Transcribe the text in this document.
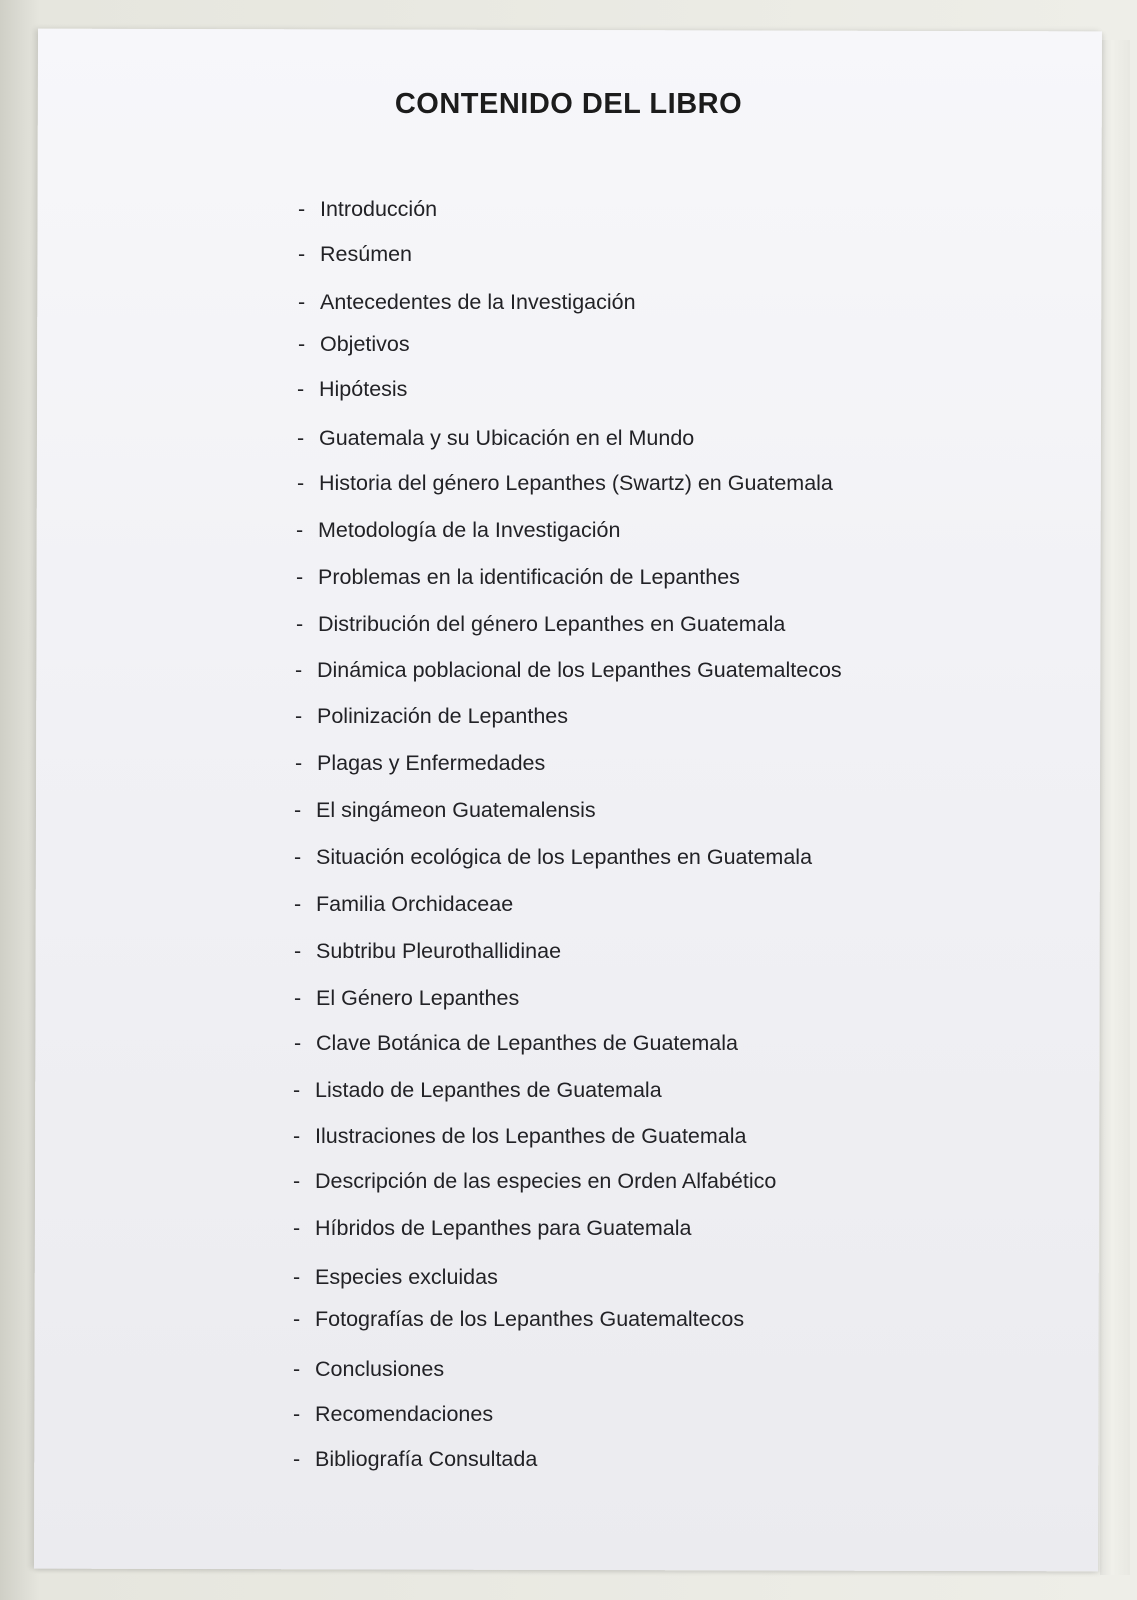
CONTENIDO DEL LIBRO
- Introducción
- Resúmen
- Antecedentes de la Investigación
- Objetivos
- Hipótesis
- Guatemala y su Ubicación en el Mundo
- Historia del género Lepanthes (Swartz) en Guatemala
- Metodología de la Investigación
- Problemas en la identificación de Lepanthes
- Distribución del género Lepanthes en Guatemala
- Dinámica poblacional de los Lepanthes Guatemaltecos
- Polinización de Lepanthes
- Plagas y Enfermedades
- El singámeon Guatemalensis
- Situación ecológica de los Lepanthes en Guatemala
- Familia Orchidaceae
- Subtribu Pleurothallidinae
- El Género Lepanthes
- Clave Botánica de Lepanthes de Guatemala
- Listado de Lepanthes de Guatemala
- Ilustraciones de los Lepanthes de Guatemala
- Descripción de las especies en Orden Alfabético
- Híbridos de Lepanthes para Guatemala
- Especies excluidas
- Fotografías de los Lepanthes Guatemaltecos
- Conclusiones
- Recomendaciones
- Bibliografía Consultada
